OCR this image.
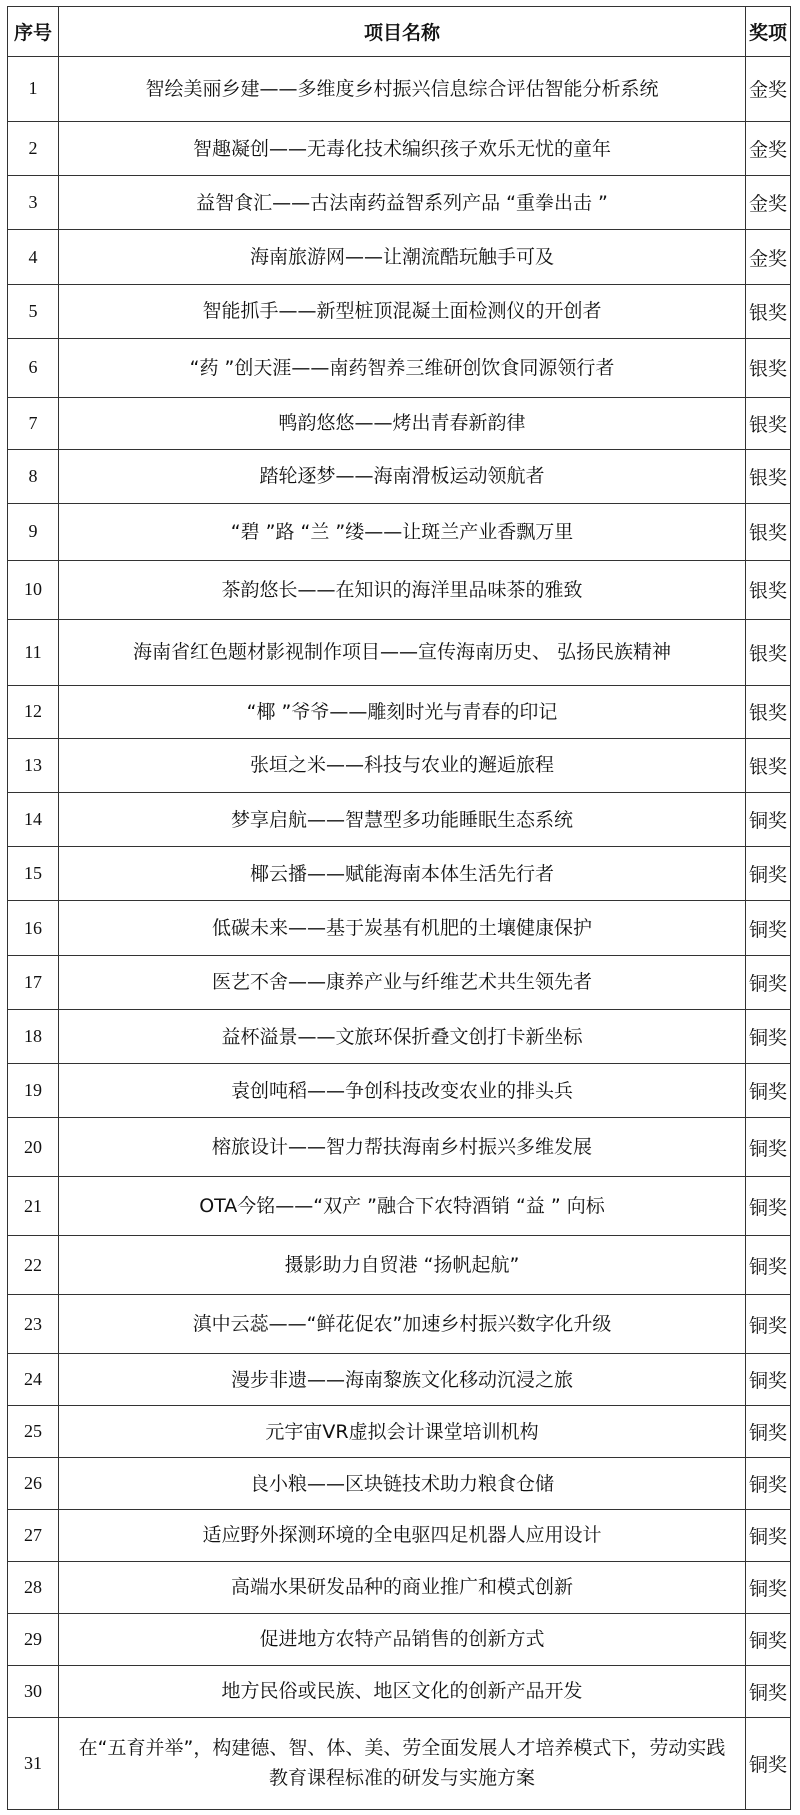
序号	项目名称	奖项
1	智绘美丽乡建——多维度乡村振兴信息综合评估智能分析系统	金奖
2	智趣凝创——无毒化技术编织孩子欢乐无忧的童年	金奖
3	益智食汇——古法南药益智系列产品 “重拳出击 ”	金奖
4	海南旅游网——让潮流酷玩触手可及	金奖
5	智能抓手——新型桩顶混凝土面检测仪的开创者	银奖
6	“药 ”创天涯——南药智养三维研创饮食同源领行者	银奖
7	鸭韵悠悠——烤出青春新韵律	银奖
8	踏轮逐梦——海南滑板运动领航者	银奖
9	“碧 ”路 “兰 ”缕——让斑兰产业香飘万里	银奖
10	茶韵悠长——在知识的海洋里品味茶的雅致	银奖
11	海南省红色题材影视制作项目——宣传海南历史、 弘扬民族精神	银奖
12	“椰 ”爷爷——雕刻时光与青春的印记	银奖
13	张垣之米——科技与农业的邂逅旅程	银奖
14	梦享启航——智慧型多功能睡眠生态系统	铜奖
15	椰云播——赋能海南本体生活先行者	铜奖
16	低碳未来——基于炭基有机肥的土壤健康保护	铜奖
17	医艺不舍——康养产业与纤维艺术共生领先者	铜奖
18	益杯溢景——文旅环保折叠文创打卡新坐标	铜奖
19	袁创吨稻——争创科技改变农业的排头兵	铜奖
20	榕旅设计——智力帮扶海南乡村振兴多维发展	铜奖
21	OTA今铭——“双产 ”融合下农特酒销 “益 ” 向标	铜奖
22	摄影助力自贸港 “扬帆起航”	铜奖
23	滇中云蕊——“鲜花促农”加速乡村振兴数字化升级	铜奖
24	漫步非遗——海南黎族文化移动沉浸之旅	铜奖
25	元宇宙VR虚拟会计课堂培训机构	铜奖
26	良小粮——区块链技术助力粮食仓储	铜奖
27	适应野外探测环境的全电驱四足机器人应用设计	铜奖
28	高端水果研发品种的商业推广和模式创新	铜奖
29	促进地方农特产品销售的创新方式	铜奖
30	地方民俗或民族、地区文化的创新产品开发	铜奖
31	在“五育并举”，构建德、智、体、美、劳全面发展人才培养模式下，劳动实践教育课程标准的研发与实施方案	铜奖
